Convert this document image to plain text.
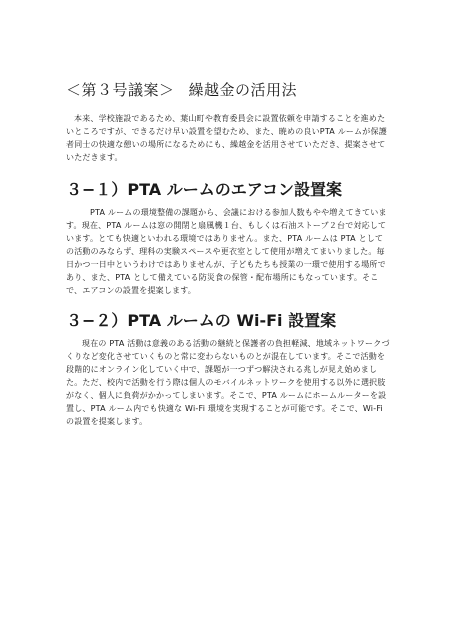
＜第３号議案＞ 繰越金の活用法

本来、学校施設であるため、葉山町や教育委員会に設置依頼を申請することを進めたいところですが、できるだけ早い設置を望むため、また、暁めの良いPTA ルームが保護者同士の快適な憩いの場所になるためにも、繰越金を活用させていただき、提案させていただきます。

３−１）PTA ルームのエアコン設置案

PTA ルームの環境整備の課題から、会議における参加人数もやや増えてきています。現在、PTA ルームは窓の開閉と扇風機１台、もしくは石油ストーブ２台で対応しています。とても快適といわれる環境ではありません。また、PTA ルームは PTA としての活動のみならず、理科の実験スペースや更衣室として使用が増えてまいりました。毎日かつ一日中というわけではありませんが、子どもたちも授業の一環で使用する場所であり、また、PTA として備えている防災食の保管・配布場所にもなっています。そこで、エアコンの設置を提案します。

３−２）PTA ルームの Wi-Fi 設置案

現在の PTA 活動は意義のある活動の継続と保護者の負担軽減、地域ネットワークづくりなど変化させていくものと常に変わらないものとが混在しています。そこで活動を段階的にオンライン化していく中で、課題が一つずつ解決される兆しが見え始めました。ただ、校内で活動を行う際は個人のモバイルネットワークを使用する以外に選択肢がなく、個人に負荷がかかってしまいます。そこで、PTA ルームにホームルーターを設置し、PTA ルーム内でも快適な Wi-Fi 環境を実現することが可能です。そこで、Wi-Fi の設置を提案します。
